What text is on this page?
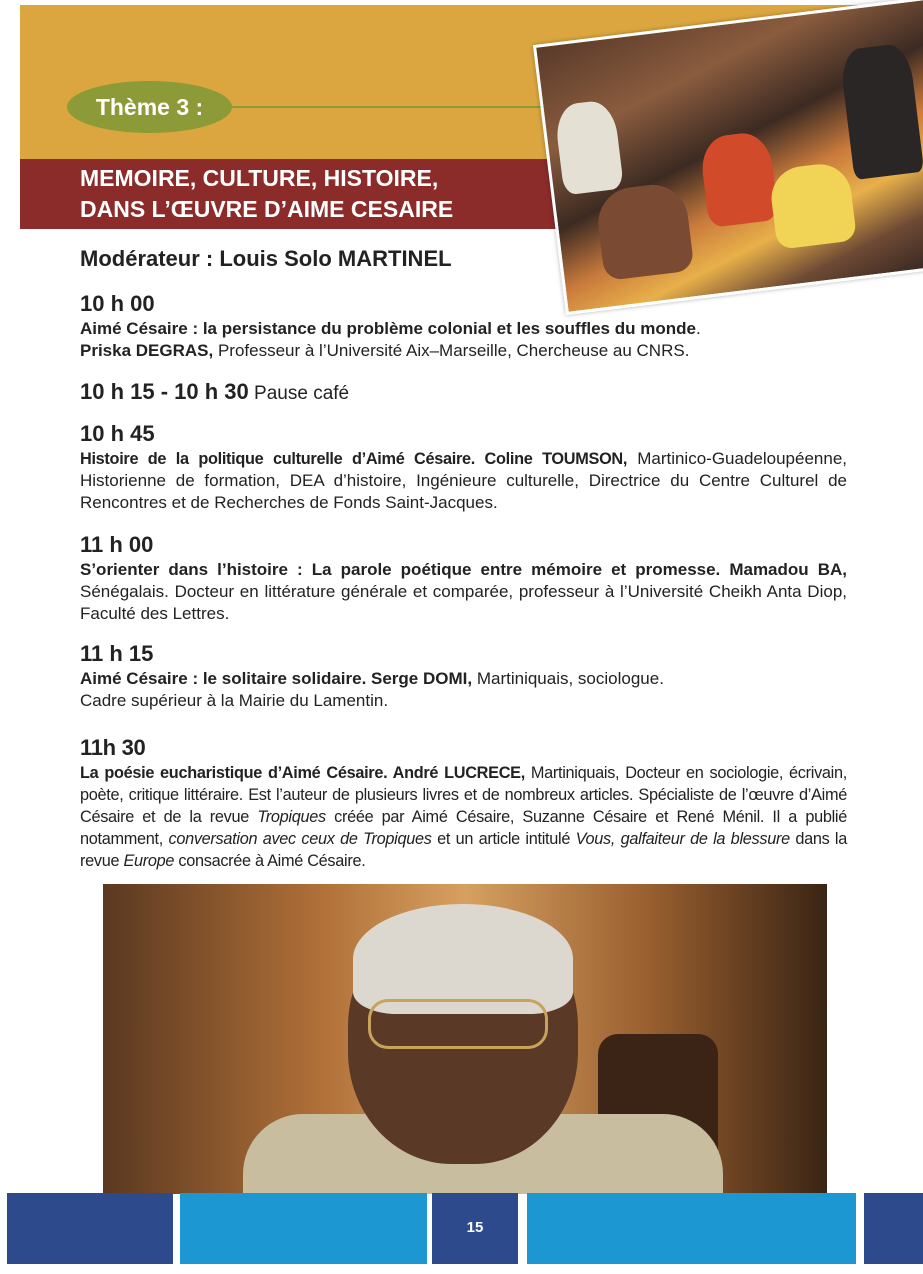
Thème 3 :
MEMOIRE, CULTURE, HISTOIRE,
DANS L’ŒUVRE D’AIME CESAIRE
Modérateur : Louis Solo MARTINEL
10 h 00
Aimé Césaire : la persistance du problème colonial et les souffles du monde.
Priska DEGRAS, Professeur à l’Université Aix–Marseille, Chercheuse au CNRS.
10 h 15 - 10 h 30 Pause café
10 h 45
Histoire de la politique culturelle d’Aimé Césaire. Coline TOUMSON, Martinico-Guadeloupéenne, Historienne de formation, DEA d’histoire, Ingénieure culturelle, Directrice du Centre Culturel de Rencontres et de Recherches de Fonds Saint-Jacques.
11 h 00
S’orienter dans l’histoire : La parole poétique entre mémoire et promesse. Mamadou BA, Sénégalais. Docteur en littérature générale et comparée, professeur à l’Université Cheikh Anta Diop, Faculté des Lettres.
11 h 15
Aimé Césaire : le solitaire solidaire. Serge DOMI, Martiniquais, sociologue.
Cadre supérieur à la Mairie du Lamentin.
11h 30
La poésie eucharistique d’Aimé Césaire. André LUCRECE, Martiniquais, Docteur en sociologie, écrivain, poète, critique littéraire. Est l’auteur de plusieurs livres et de nombreux articles. Spécialiste de l’œuvre d’Aimé Césaire et de la revue Tropiques créée par Aimé Césaire, Suzanne Césaire et René Ménil. Il a publié notamment, conversation avec ceux de Tropiques et un article intitulé Vous, galfaiteur de la blessure dans la revue Europe consacrée à Aimé Césaire.
15
